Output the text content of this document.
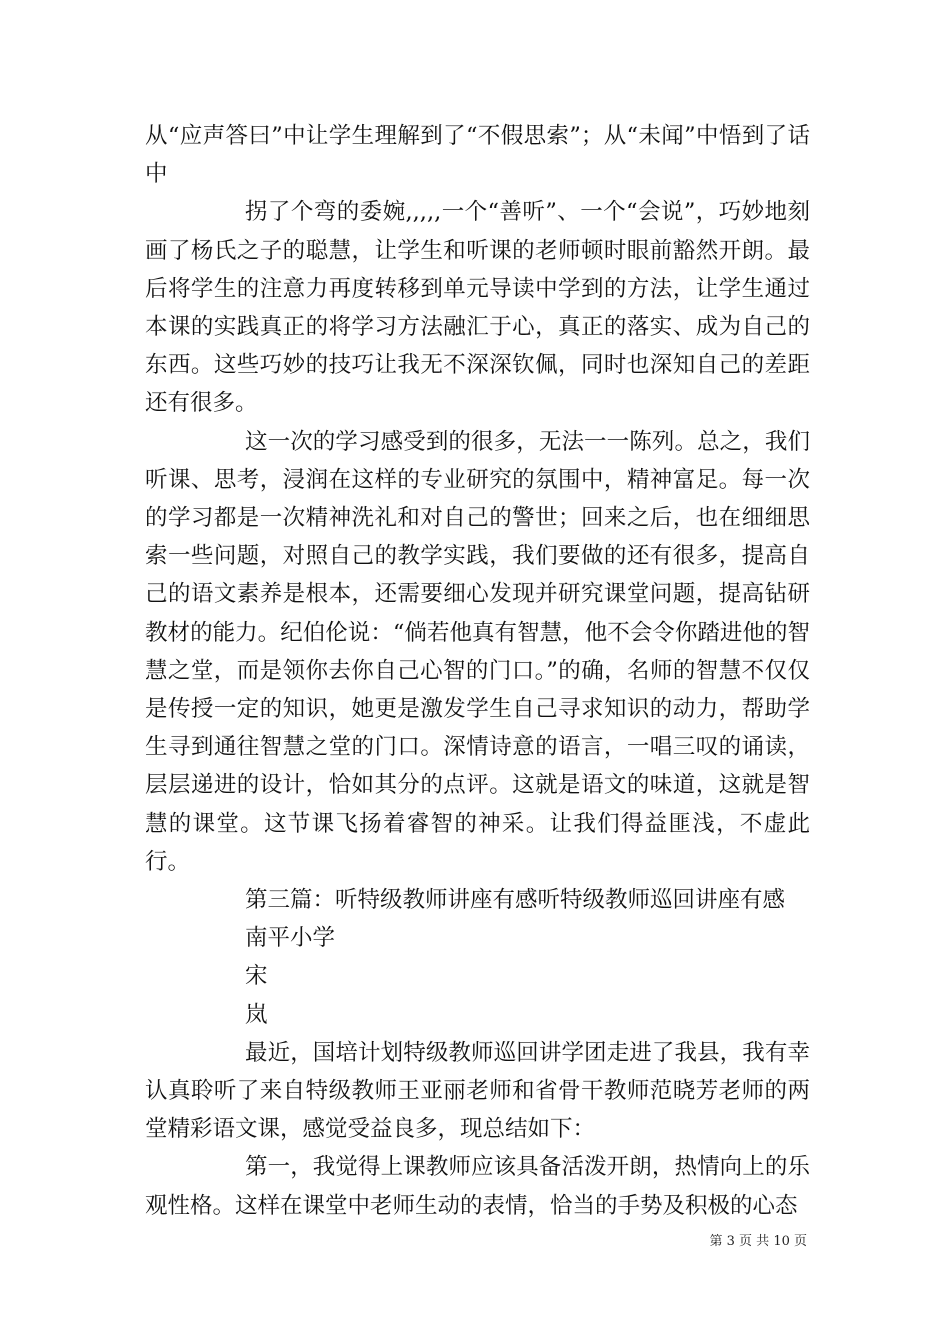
从“应声答曰”中让学生理解到了“不假思索”；从“未闻”中悟到了话中

拐了个弯的委婉,,,,,一个“善听”、一个“会说”，巧妙地刻画了杨氏之子的聪慧，让学生和听课的老师顿时眼前豁然开朗。最后将学生的注意力再度转移到单元导读中学到的方法，让学生通过本课的实践真正的将学习方法融汇于心，真正的落实、成为自己的东西。这些巧妙的技巧让我无不深深钦佩，同时也深知自己的差距还有很多。

这一次的学习感受到的很多，无法一一陈列。总之，我们听课、思考，浸润在这样的专业研究的氛围中，精神富足。每一次的学习都是一次精神洗礼和对自己的警世；回来之后，也在细细思索一些问题，对照自己的教学实践，我们要做的还有很多，提高自己的语文素养是根本，还需要细心发现并研究课堂问题，提高钻研教材的能力。纪伯伦说：“倘若他真有智慧，他不会令你踏进他的智慧之堂，而是领你去你自己心智的门口。”的确，名师的智慧不仅仅是传授一定的知识，她更是激发学生自己寻求知识的动力，帮助学生寻到通往智慧之堂的门口。深情诗意的语言，一唱三叹的诵读，层层递进的设计，恰如其分的点评。这就是语文的味道，这就是智慧的课堂。这节课飞扬着睿智的神采。让我们得益匪浅，不虚此行。

第三篇：听特级教师讲座有感听特级教师巡回讲座有感

南平小学

宋

岚

最近，国培计划特级教师巡回讲学团走进了我县，我有幸认真聆听了来自特级教师王亚丽老师和省骨干教师范晓芳老师的两堂精彩语文课，感觉受益良多，现总结如下：

第一，我觉得上课教师应该具备活泼开朗，热情向上的乐观性格。这样在课堂中老师生动的表情，恰当的手势及积极的心态

第 3 页 共 10 页
